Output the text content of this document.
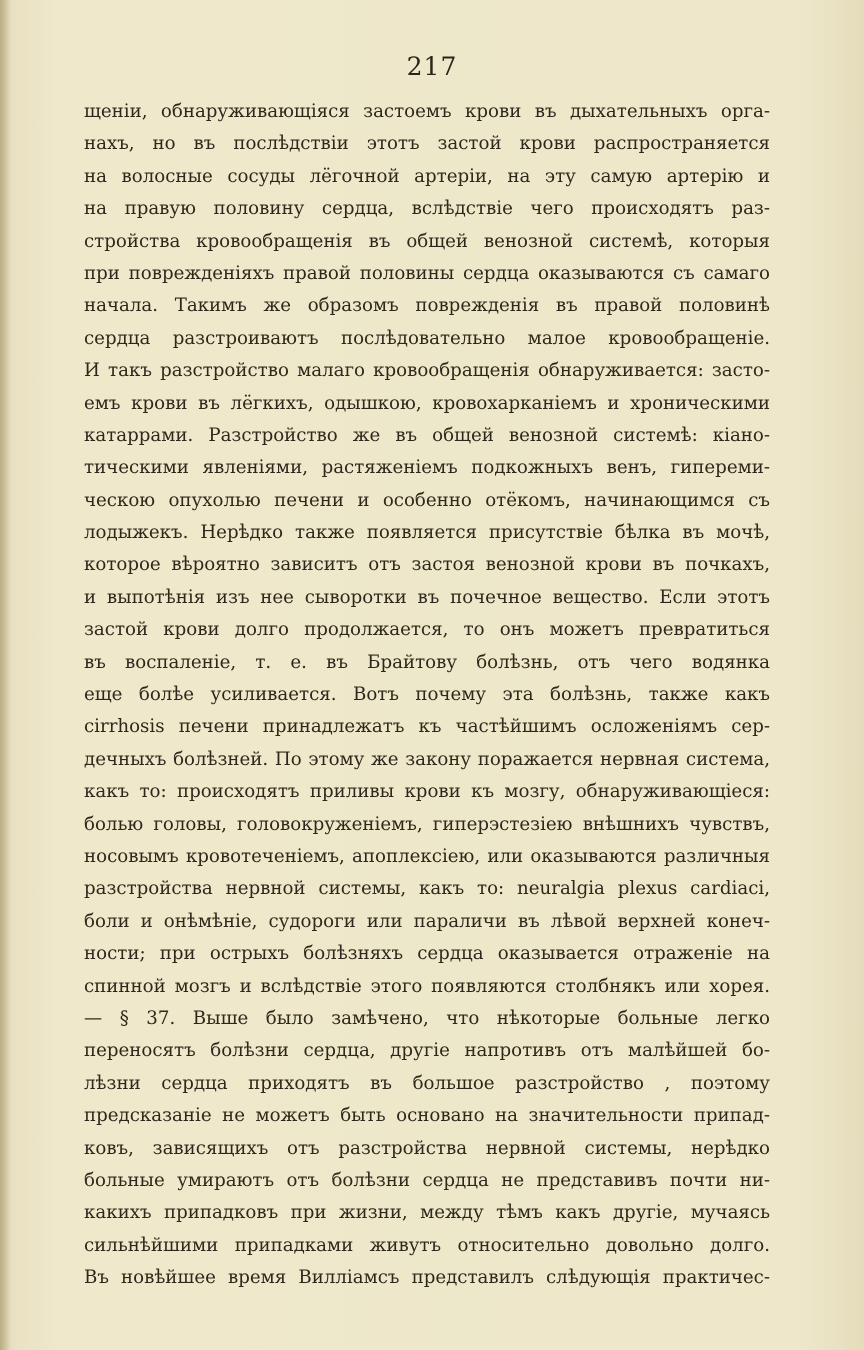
217
щеніи, обнаруживающіяся застоемъ крови въ дыхательныхъ орга-
нахъ, но въ послѣдствіи этотъ застой крови распространяется
на волосные сосуды лёгочной артеріи, на эту самую артерію и
на правую половину сердца, вслѣдствіе чего происходятъ раз-
стройства кровообращенія въ общей венозной системѣ, которыя
при поврежденіяхъ правой половины сердца оказываются съ самаго
начала. Такимъ же образомъ поврежденія въ правой половинѣ
сердца разстроиваютъ послѣдовательно малое кровообращеніе.
И такъ разстройство малаго кровообращенія обнаруживается: засто-
емъ крови въ лёгкихъ, одышкою, кровохарканіемъ и хроническими
катаррами. Разстройство же въ общей венозной системѣ: кіано-
тическими явленіями, растяженіемъ подкожныхъ венъ, гипереми-
ческою опухолью печени и особенно отёкомъ, начинающимся съ
лодыжекъ. Нерѣдко также появляется присутствіе бѣлка въ мочѣ,
которое вѣроятно зависитъ отъ застоя венозной крови въ почкахъ,
и выпотѣнія изъ нее сыворотки въ почечное вещество. Если этотъ
застой крови долго продолжается, то онъ можетъ превратиться
въ воспаленіе, т. е. въ Брайтову болѣзнь, отъ чего водянка
еще болѣе усиливается. Вотъ почему эта болѣзнь, также какъ
cirrhosis печени принадлежатъ къ частѣйшимъ осложеніямъ сер-
дечныхъ болѣзней. По этому же закону поражается нервная система,
какъ то: происходятъ приливы крови къ мозгу, обнаруживающіеся:
болью головы, головокруженіемъ, гиперэстезіею внѣшнихъ чувствъ,
носовымъ кровотеченіемъ, апоплексіею, или оказываются различныя
разстройства нервной системы, какъ то: neuralgia plexus cardiaci,
боли и онѣмѣніе, судороги или параличи въ лѣвой верхней конеч-
ности; при острыхъ болѣзняхъ сердца оказывается отраженіе на
спинной мозгъ и вслѣдствіе этого появляются столбнякъ или хорея.
— § 37. Выше было замѣчено, что нѣкоторые больные легко
переносятъ болѣзни сердца, другіе напротивъ отъ малѣйшей бо-
лѣзни сердца приходятъ въ большое разстройство , поэтому
предсказаніе не можетъ быть основано на значительности припад-
ковъ, зависящихъ отъ разстройства нервной системы, нерѣдко
больные умираютъ отъ болѣзни сердца не представивъ почти ни-
какихъ припадковъ при жизни, между тѣмъ какъ другіе, мучаясь
сильнѣйшими припадками живутъ относительно довольно долго.
Въ новѣйшее время Вилліамсъ представилъ слѣдующія практичес-
